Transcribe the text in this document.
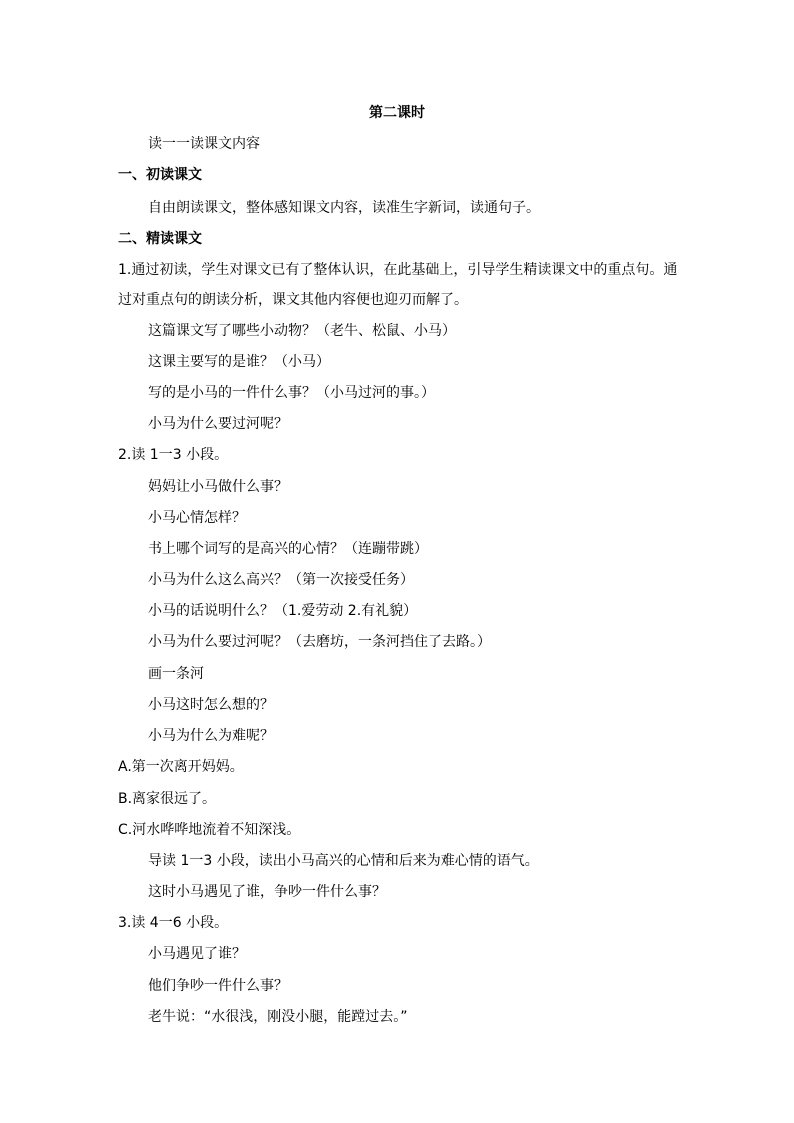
第二课时
读一一读课文内容
一、初读课文
自由朗读课文，整体感知课文内容，读准生字新词，读通句子。
二、精读课文
1.通过初读，学生对课文已有了整体认识，在此基础上，引导学生精读课文中的重点句。通
过对重点句的朗读分析，课文其他内容便也迎刃而解了。
这篇课文写了哪些小动物？（老牛、松鼠、小马）
这课主要写的是谁？（小马）
写的是小马的一件什么事？（小马过河的事。）
小马为什么要过河呢？
2.读 1一3 小段。
妈妈让小马做什么事？
小马心情怎样？
书上哪个词写的是高兴的心情？（连蹦带跳）
小马为什么这么高兴？（第一次接受任务）
小马的话说明什么？（1.爱劳动 2.有礼貌）
小马为什么要过河呢？（去磨坊，一条河挡住了去路。）
画一条河
小马这时怎么想的？
小马为什么为难呢？
A.第一次离开妈妈。
B.离家很远了。
C.河水哗哗地流着不知深浅。
导读 1一3 小段，读出小马高兴的心情和后来为难心情的语气。
这时小马遇见了谁，争吵一件什么事？
3.读 4一6 小段。
小马遇见了谁？
他们争吵一件什么事？
老牛说：“水很浅，刚没小腿，能蹚过去。”
